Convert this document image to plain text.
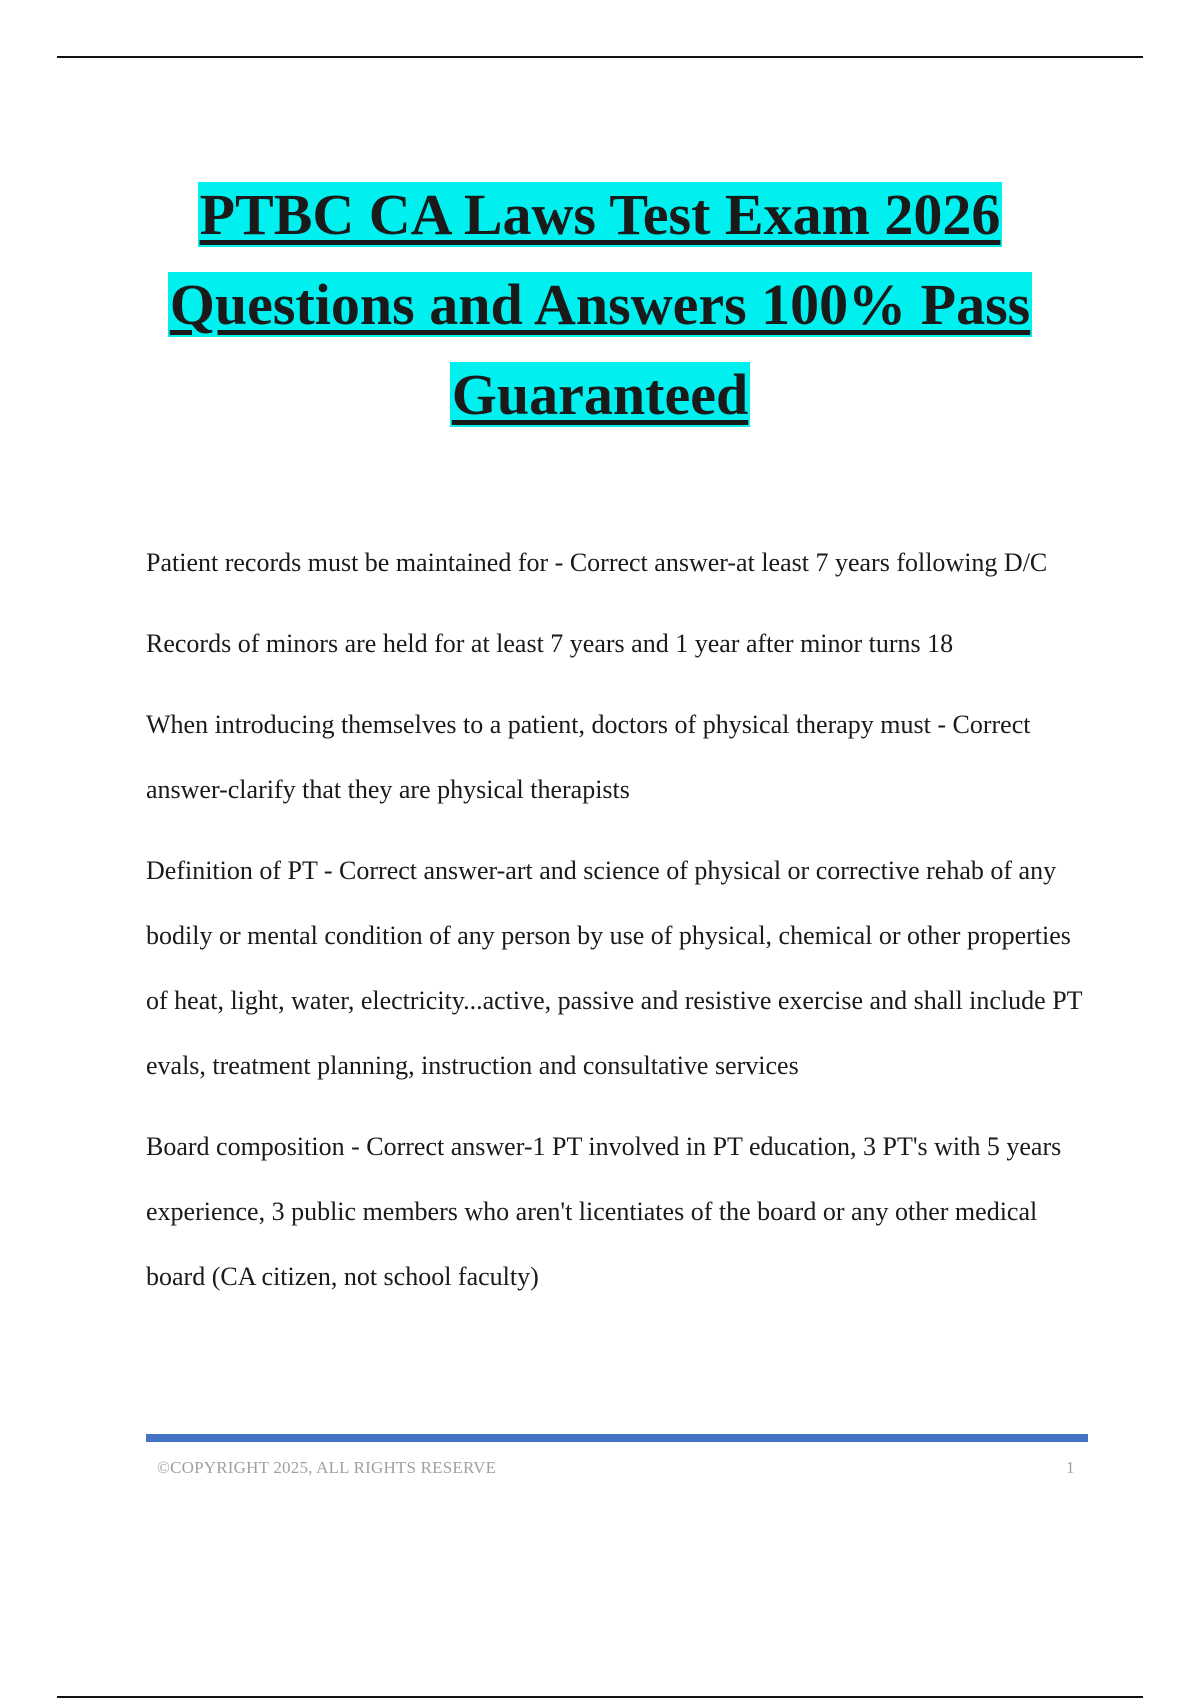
PTBC CA Laws Test Exam 2026
Questions and Answers 100% Pass
Guaranteed

Patient records must be maintained for - Correct answer-at least 7 years following D/C

Records of minors are held for at least 7 years and 1 year after minor turns 18

When introducing themselves to a patient, doctors of physical therapy must - Correct answer-clarify that they are physical therapists

Definition of PT - Correct answer-art and science of physical or corrective rehab of any bodily or mental condition of any person by use of physical, chemical or other properties of heat, light, water, electricity...active, passive and resistive exercise and shall include PT evals, treatment planning, instruction and consultative services

Board composition - Correct answer-1 PT involved in PT education, 3 PT's with 5 years experience, 3 public members who aren't licentiates of the board or any other medical board (CA citizen, not school faculty)

©COPYRIGHT 2025, ALL RIGHTS RESERVE	1
